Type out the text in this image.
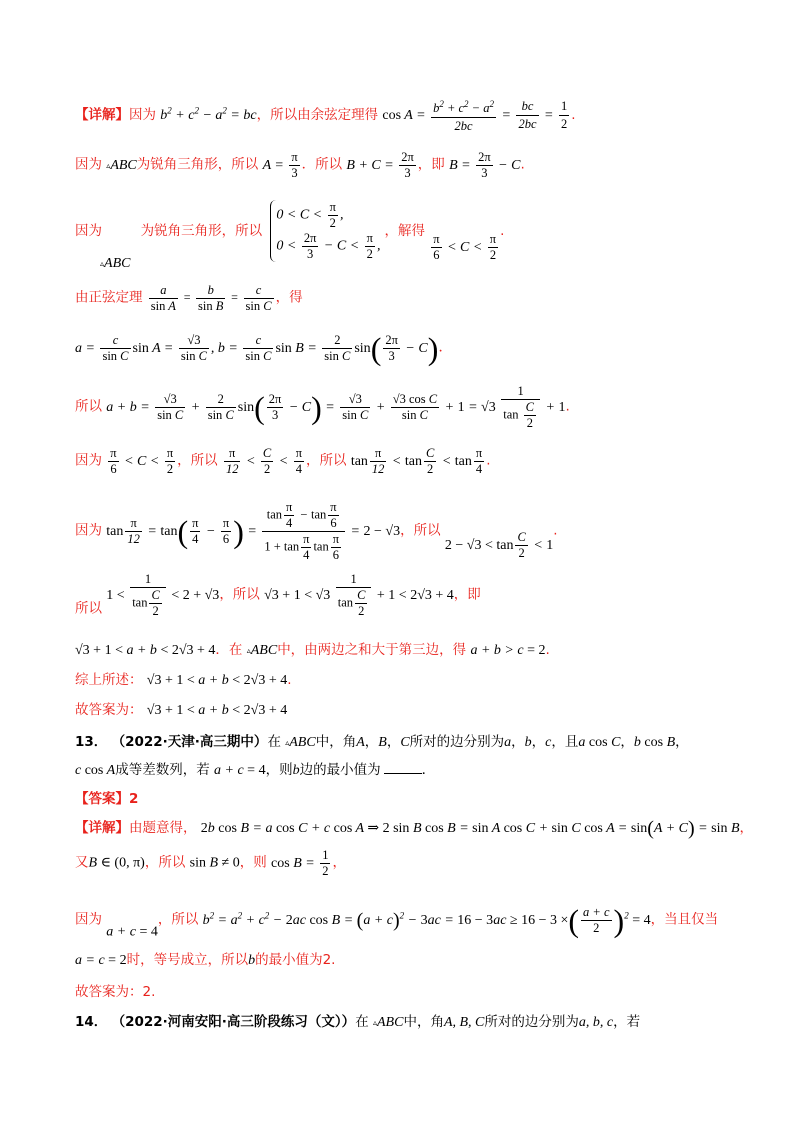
【详解】因为 $b^2 + c^2 - a^2$ = bc，所以由余弦定理得 $\cos A = \frac{b^2 + c^2 - a^2}{2bc} = \frac{bc}{2bc} = \frac{1}{2}$ .
因为 ▵ABC为锐角三角形，所以 $A = \frac{\pi}{3}$ ．所以 $B + C = \frac{2\pi}{3}$ ，即 $B = \frac{2\pi}{3} - C$.
因为	为锐角三角形，所以
$0 < C < \frac{\pi}{2}$ ,
$0 < \frac{2\pi}{3} - C < \frac{\pi}{2}$ ,
，解得
$\frac{\pi}{6} < C < \frac{\pi}{2}$
.
▵ABC
由正弦定理 $\frac{a}{\text{sin A}} = \frac{b}{\text{sin B}} = \frac{c}{\text{sin C}}$ ，得
$a = \frac{c}{\text{sin C}}$ $\sin A = \frac{√3}{\text{sin C}}$ , $b = \frac{c}{\text{sin C}}$ $\sin B = \frac{2}{\text{sin C}} \sin( \frac{2\pi}{3} - C)$.
所以 $a + b = \frac{√3}{\text{sin C}} + \frac{2}{\text{sin C}} \sin( \frac{2\pi}{3} - C) = \frac{√3}{\text{sin C}} + \frac{\text{√3 cos C}}{\text{sin C}} + 1 = √3 \frac{1}{\tan \frac{C}{2}} + 1$.
因为 $\frac{\pi}{6} < C < \frac{\pi}{2}$ ，所以 $\frac{\pi}{12} < \frac{C}{2} < \frac{\pi}{4}$ ，所以 $\tan \frac{\pi}{12} < \tan \frac{C}{2} < \tan \frac{\pi}{4}$ .
因为 $\tan \frac{\pi}{12} = \tan( \frac{\pi}{4} - \frac{\pi}{6}$ ) = $\frac{\tan \frac{\pi}{4} - \tan \frac{\pi}{6}}{1 + \tan \frac{\pi}{4} \tan \frac{\pi}{6}} = 2 - √3$，所以 $2 - √3 < \tan \frac{C}{2} < 1$.
所以 $1 < \frac{1}{\tan \frac{C}{2}} < 2 + √3$，所以 $√3 + 1 < √3 \frac{1}{\tan \frac{C}{2}} + 1 < 2√3 + 4$，即
√3 + 1 < a + b < 2√3 + 4．在 ▵ABC中，由两边之和大于第三边，得 a + b > c = 2.
综上所述： √3 + 1 < a + b < 2√3 + 4.
故答案为： √3 + 1 < a + b < 2√3 + 4
13． （2022·天津·高三期中）在 ▵ABC中，角A，B，C所对的边分别为a，b，c，且a cos C，b cos B，
c cos A成等差数列，若 a + c = 4，则b边的最小值为	．
【答案】2
【详解】由题意得， 2b cos B = a cos C + c cos A ⇒ 2 sin B cos B = sin A cos C + sin C cos A = sin(A + C) = sin B，
又B ∈ (0, π)，所以 sin B ≠ 0，则 $\cos B = \frac{1}{2}$ ，
因为 a + c = 4，所以 $b^2 = a^2 + c^2 - 2ac$ $\cos B = (a + c)^2 - 3ac = 16 - 3ac \ge 16 - 3$ ×( $\frac{a + c}{2} )^2 = 4$，当且仅当
a = c = 2时，等号成立，所以b的最小值为2.
故答案为：2.
14． （2022·河南安阳·高三阶段练习（文））在 ▵ABC中，角A, B, C所对的边分别为a, b, c，若
